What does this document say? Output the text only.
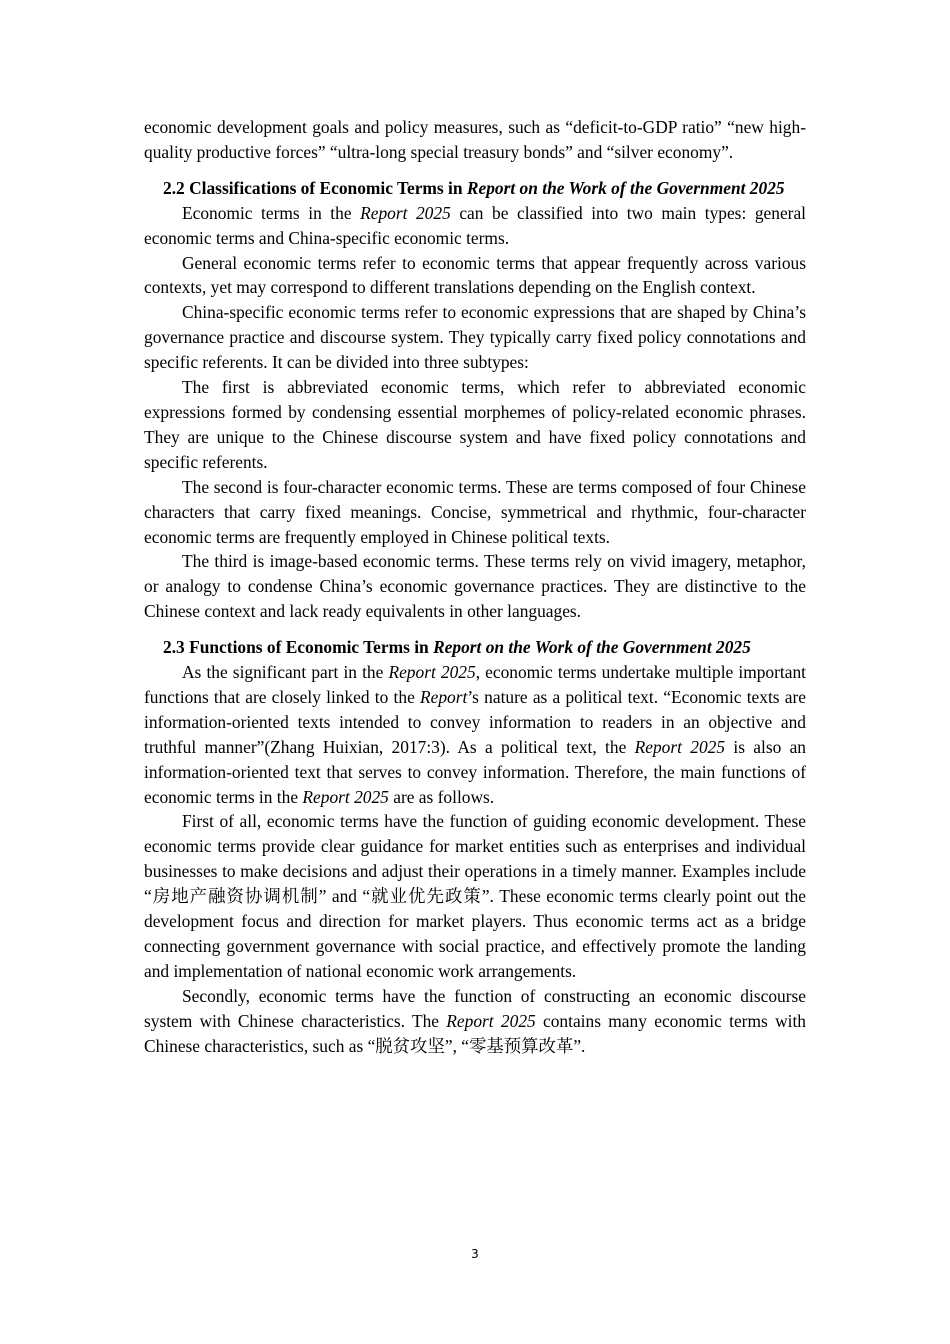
economic development goals and policy measures, such as “deficit-to-GDP ratio” “new high-quality productive forces” “ultra-long special treasury bonds” and “silver economy”.

2.2 Classifications of Economic Terms in Report on the Work of the Government 2025

Economic terms in the Report 2025 can be classified into two main types: general economic terms and China-specific economic terms.

General economic terms refer to economic terms that appear frequently across various contexts, yet may correspond to different translations depending on the English context.

China-specific economic terms refer to economic expressions that are shaped by China’s governance practice and discourse system. They typically carry fixed policy connotations and specific referents. It can be divided into three subtypes:

The first is abbreviated economic terms, which refer to abbreviated economic expressions formed by condensing essential morphemes of policy-related economic phrases. They are unique to the Chinese discourse system and have fixed policy connotations and specific referents.

The second is four-character economic terms. These are terms composed of four Chinese characters that carry fixed meanings. Concise, symmetrical and rhythmic, four-character economic terms are frequently employed in Chinese political texts.

The third is image-based economic terms. These terms rely on vivid imagery, metaphor, or analogy to condense China’s economic governance practices. They are distinctive to the Chinese context and lack ready equivalents in other languages.

2.3 Functions of Economic Terms in Report on the Work of the Government 2025

As the significant part in the Report 2025, economic terms undertake multiple important functions that are closely linked to the Report’s nature as a political text. “Economic texts are information-oriented texts intended to convey information to readers in an objective and truthful manner”(Zhang Huixian, 2017:3). As a political text, the Report 2025 is also an information-oriented text that serves to convey information. Therefore, the main functions of economic terms in the Report 2025 are as follows.

First of all, economic terms have the function of guiding economic development. These economic terms provide clear guidance for market entities such as enterprises and individual businesses to make decisions and adjust their operations in a timely manner. Examples include “房地产融资协调机制” and “就业优先政策”. These economic terms clearly point out the development focus and direction for market players. Thus economic terms act as a bridge connecting government governance with social practice, and effectively promote the landing and implementation of national economic work arrangements.

Secondly, economic terms have the function of constructing an economic discourse system with Chinese characteristics. The Report 2025 contains many economic terms with Chinese characteristics, such as “脱贫攻坚”, “零基预算改革”.

3
